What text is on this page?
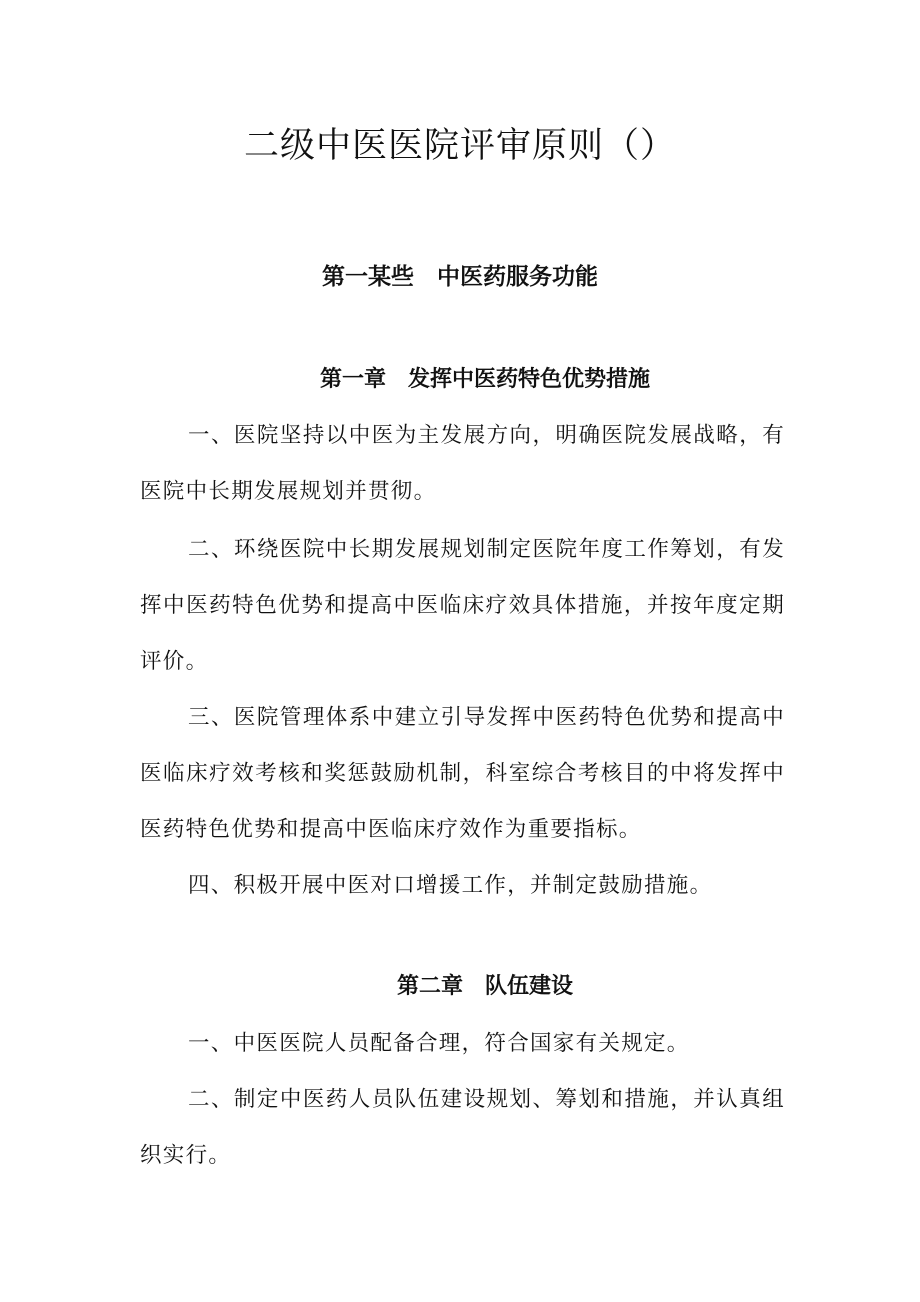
二级中医医院评审原则（）
第一某些　中医药服务功能
第一章　发挥中医药特色优势措施

一、医院坚持以中医为主发展方向，明确医院发展战略，有医院中长期发展规划并贯彻。

二、环绕医院中长期发展规划制定医院年度工作筹划，有发挥中医药特色优势和提高中医临床疗效具体措施，并按年度定期评价。

三、医院管理体系中建立引导发挥中医药特色优势和提高中医临床疗效考核和奖惩鼓励机制，科室综合考核目的中将发挥中医药特色优势和提高中医临床疗效作为重要指标。

四、积极开展中医对口增援工作，并制定鼓励措施。

第二章　队伍建设

一、中医医院人员配备合理，符合国家有关规定。

二、制定中医药人员队伍建设规划、筹划和措施，并认真组织实行。
